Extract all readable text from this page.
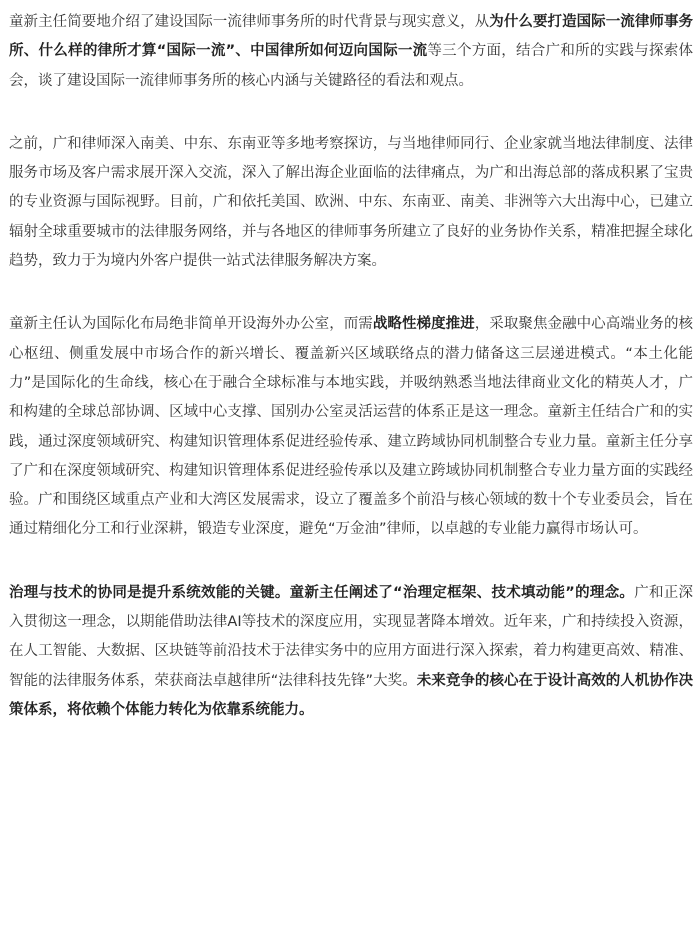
童新主任简要地介绍了建设国际一流律师事务所的时代背景与现实意义，从为什么要打造国际一流律师事务所、什么样的律所才算“国际一流”、中国律所如何迈向国际一流等三个方面，结合广和所的实践与探索体会，谈了建设国际一流律师事务所的核心内涵与关键路径的看法和观点。

之前，广和律师深入南美、中东、东南亚等多地考察探访，与当地律师同行、企业家就当地法律制度、法律服务市场及客户需求展开深入交流，深入了解出海企业面临的法律痛点，为广和出海总部的落成积累了宝贵的专业资源与国际视野。目前，广和依托美国、欧洲、中东、东南亚、南美、非洲等六大出海中心，已建立辐射全球重要城市的法律服务网络，并与各地区的律师事务所建立了良好的业务协作关系，精准把握全球化趋势，致力于为境内外客户提供一站式法律服务解决方案。

童新主任认为国际化布局绝非简单开设海外办公室，而需战略性梯度推进，采取聚焦金融中心高端业务的核心枢纽、侧重发展中市场合作的新兴增长、覆盖新兴区域联络点的潜力储备这三层递进模式。“本土化能力”是国际化的生命线，核心在于融合全球标准与本地实践，并吸纳熟悉当地法律商业文化的精英人才，广和构建的全球总部协调、区域中心支撑、国别办公室灵活运营的体系正是这一理念。童新主任结合广和的实践，通过深度领域研究、构建知识管理体系促进经验传承、建立跨域协同机制整合专业力量。童新主任分享了广和在深度领域研究、构建知识管理体系促进经验传承以及建立跨域协同机制整合专业力量方面的实践经验。广和围绕区域重点产业和大湾区发展需求，设立了覆盖多个前沿与核心领域的数十个专业委员会，旨在通过精细化分工和行业深耕，锻造专业深度，避免“万金油”律师，以卓越的专业能力赢得市场认可。

治理与技术的协同是提升系统效能的关键。童新主任阐述了“治理定框架、技术填动能”的理念。广和正深入贯彻这一理念，以期能借助法律AI等技术的深度应用，实现显著降本增效。近年来，广和持续投入资源，在人工智能、大数据、区块链等前沿技术于法律实务中的应用方面进行深入探索，着力构建更高效、精准、智能的法律服务体系，荣获商法卓越律所“法律科技先锋”大奖。未来竞争的核心在于设计高效的人机协作决策体系，将依赖个体能力转化为依靠系统能力。
